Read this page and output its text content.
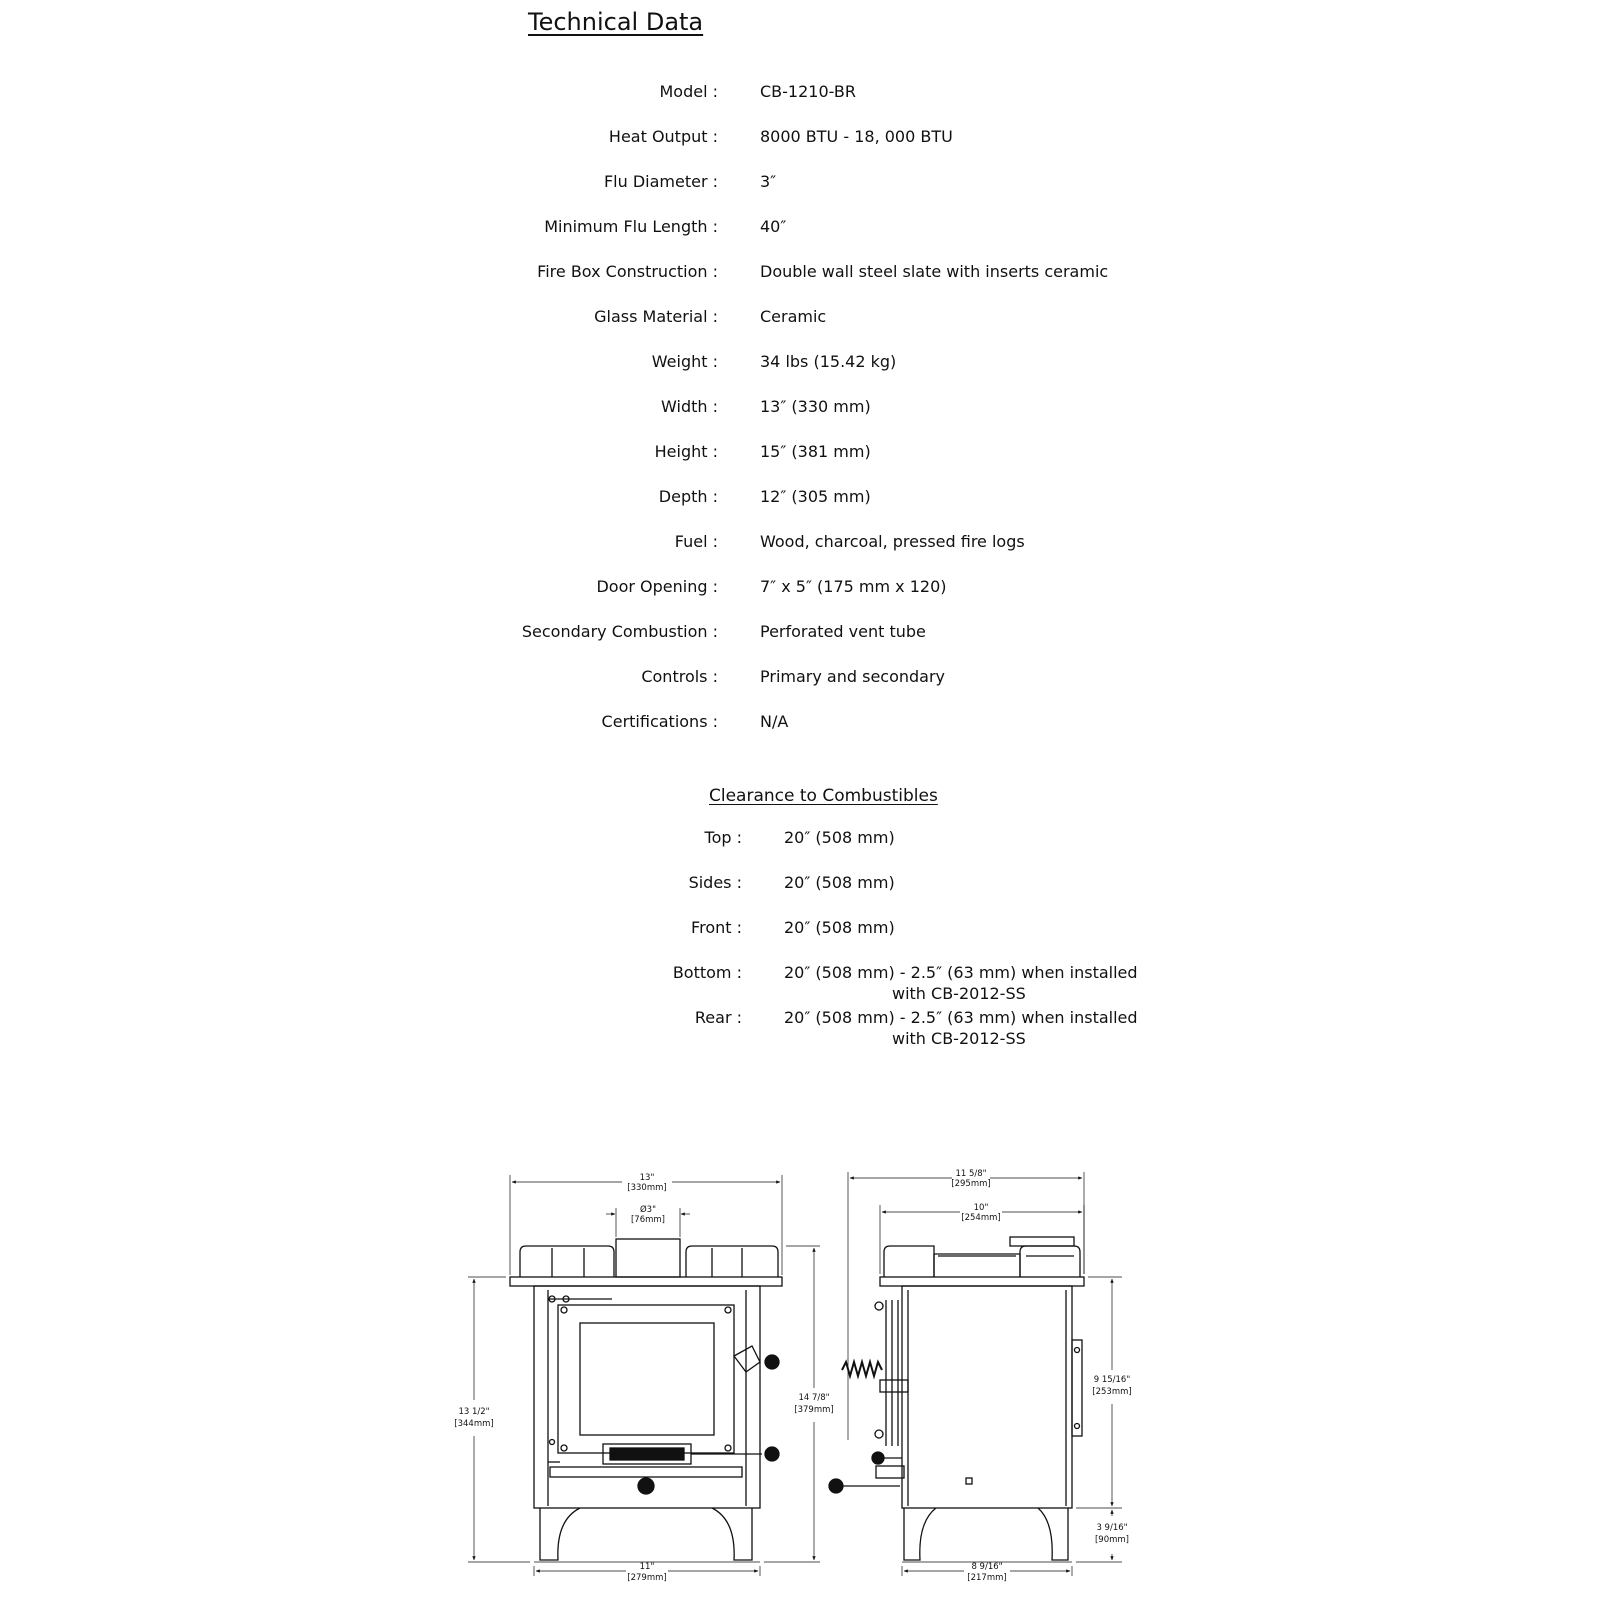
Technical Data
Model :	CB-1210-BR
Heat Output :	8000 BTU - 18, 000 BTU
Flu Diameter :	3″
Minimum Flu Length :	40″
Fire Box Construction :	Double wall steel slate with inserts ceramic
Glass Material :	Ceramic
Weight :	34 lbs (15.42 kg)
Width :	13″ (330 mm)
Height :	15″ (381 mm)
Depth :	12″ (305 mm)
Fuel :	Wood, charcoal, pressed fire logs
Door Opening :	7″ x 5″ (175 mm x 120)
Secondary Combustion :	Perforated vent tube
Controls :	Primary and secondary
Certifications :	N/A
Clearance to Combustibles
Top :	20″ (508 mm)
Sides :	20″ (508 mm)
Front :	20″ (508 mm)
Bottom :	20″ (508 mm) - 2.5″ (63 mm) when installed
with CB-2012-SS
Rear :	20″ (508 mm) - 2.5″ (63 mm) when installed
with CB-2012-SS
13"
[330mm]
Ø3"
[76mm]
13 1/2"
[344mm]
14 7/8"
[379mm]
11"
[279mm]
11 5/8"
[295mm]
10"
[254mm]
9 15/16"
[253mm]
3 9/16"
[90mm]
8 9/16"
[217mm]
